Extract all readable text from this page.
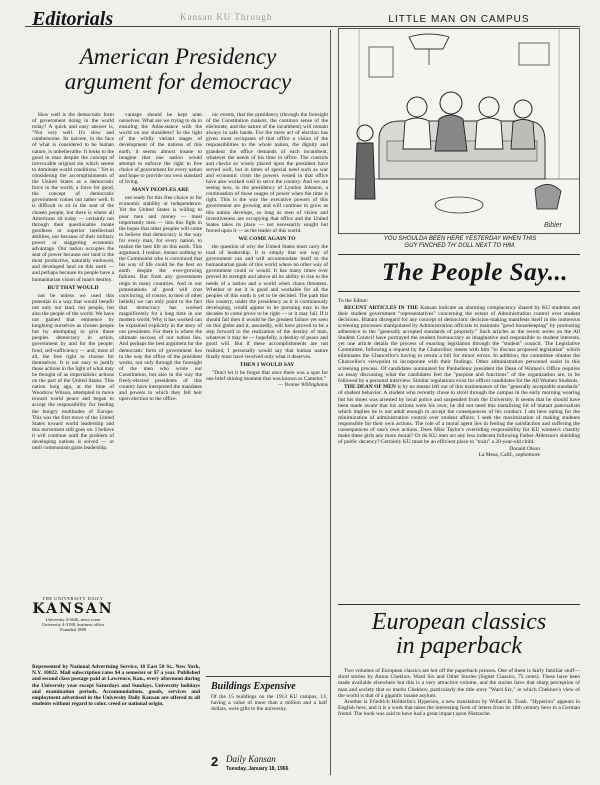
Editorials	Kansan KU Through
American Presidency
argument for democracy

How well is the democratic form of government doing in the world today? A quick and easy answer is, "Not very well. It's slow and cumbersome. Its naivete, in the face of what is considered to be human nature, is unbelievable. It looks to the good in man despite the concept of irrevocable original sin which seems to dominate world conditions." Yet in considering the accomplishments of the United States as a democratic force in the world, a force for good, the concept of democratic government comes out rather well. It is difficult to sit in the seat of the chosen people, but there is where all Americans sit today — certainly not through their questionable innate goodness or superior intellectual abilities, nor because of their military power or staggering economic advantage. Our nation occupies the seat of power because our land is the most productive, naturally endowed, and developed land on this earth — and perhaps because its people have a humanitarian vision of man's destiny.

BUT THAT WOULD

not be unless we used this potential in a way that would benefit not only our land, our people, but also the people of the world. We have not gained that eminence by knighting ourselves as chosen people but by attempting to give those peoples democracy in action, government by and for the people: food, self-sufficiency — and, most of all, the free right to choose for themselves. It is not easy to justify those actions in the light of what may be thought of as imperialistic actions on the part of the United States. This nation long ago, at the time of Woodrow Wilson, attempted to move toward world peace and began to accept the responsibility for feeding the hungry multitudes of Europe. This was the first move of the United States toward world leadership and this movement still goes on. I believe it will continue until the problem of developing nations is solved — or until communism gains leadership.

vantage should be kept unto ourselves. What are we trying to do in ensuring the Atlas-stance with the world on our shoulders? In the light of the wildly variant stages of development of the nations of this earth, it seems almost insane to imagine that one nation would attempt to enforce the right to free choice of government for every nation and hope to provide our own standard of living.

MANY PEOPLES ARE

not ready for this free choice or for economic stability or independence. Yet the United States is willing to pour men and money — most importantly men — into this fight in the hopes that other peoples will come to believe that democracy is the way for every man, for every nation, to realize the best life on this earth. This argument, I realize, means nothing to the Communist who is convinced that his way of life could be the best on earth despite the ever-growing failures. But from any government reign in many countries. And in our protestations of good will (not convincing, of course, to men of other beliefs) we can only point to the fact that democracy has worked magnificently for a long time in our modern world. Why it has worked can be explained explicitly in the story of our presidents. For there is where the ultimate success of our nation lies. And perhaps the best argument for the democratic form of government lies in the way the office of the president works, not only through the foresight of the men who wrote our Constitution, but also in the way the freely-elected presidents of this country have interpreted the mandates and powers to which they fell heir upon election to the office.

nic events, that the presidency (through the foresight of the Constitution makers, the common sense of the electorate, and the nature of the incumbent) will remain always in safe hands. For the mere act of election has given most occupants of that office a vision of the responsibilities to the whole nation, the dignity and grandeur the office demands of each incumbent, whatever the needs of his time in office. The controls and checks so wisely placed upon the president have served well, but in times of special need such as war and economic crisis the powers vested in that office have also worked well to serve the country. And we are seeing now, in the presidency of Lyndon Johnson, a continuation of those usages of power when the time is right. This is the way the executive powers of this government are growing and will continue to grow as this nation develops, so long as men of vision and inventiveness are occupying that office and the United States takes its place — not necessarily sought but forced upon it — as the leader of this world.

WE COME AGAIN TO

the question of why the United States must carry the load of leadership. It is simply that our way of government can and will accommodate itself to the humanitarian goals of this world where no other way of government could or would. It has many times over proved its strength and above all its ability to rise to the needs of a nation and a world when chaos threatens. Whether or not it is good and workable for all the peoples of this earth is yet to be decided. The path that this country, under the presidency as it is continuously developing, would appear to be pursuing may in the decades to come prove to be right — or it may fail. If it should fail then it would be the greatest failure yet seen on this globe and it, assuredly, will have proved to be a step forward to the realization of the destiny of man, whatever it may be — hopefully, a destiny of peace and good will. But if these accomplishments are not realized, I personally would say that human nature finally must have received only what it deserves.

THEN I WOULD SAY

"Don't let it be forgot that once there was a spot for one brief shining moment that was known as Camelot."

— Yvonne Willinghams
THE UNIVERSITY DAILY
KANSAN
University 4-3646, news room
University 4-3188, business office
Founded 1889
Represented by National Advertising Service, 18 East 50 St., New York, N.Y. 10022. Mail subscription rates $4 a semester or $7 a year. Published and second class postage paid at Lawrence, Kan., every afternoon during the University year except Saturdays and Sundays, University holidays and examination periods. Accommodations, goods, services and employment advertised in the University Daily Kansan are offered to all students without regard to color, creed or national origin.
Buildings Expensive
Of the 15 buildings on the 1913 KU campus, 13, having a value of more than a million and a half dollars, were gifts to the university.
2 Daily Kansan
Tuesday, January 18, 1966
LITTLE MAN ON CAMPUS
Bibler
YOU SHOULDA BEEN HERE YESTERDAY WHEN THIS
GUY FINCHED TH' DOLL NEXT TO HIM.
The People Say...

To the Editor:

RECENT ARTICLES IN THE Kansan indicate an alarming complacency shared by KU students and their student government "representatives" concerning the extent of Administration control over student decisions. Blatant disregard for any concept of democratic decision-making manifests itself in the numerous screening processes manipulated by Administration officials to maintain "good housekeeping" by promoting adherence to the "generally accepted standards of propriety." Such articles as the recent series on the All Student Council have portrayed the student bureaucracy as imaginative and responsible to student interests, yet one article details the process of enacting legislation through the "student" council. The Legislative Committee, following a request by the Chancellor, meets with him "to discuss proposed legislation" which eliminates the Chancellor's having to return a bill for minor errors. In addition, the committee obtains the Chancellor's viewpoint to incorporate with their findings. Other administration personnel assist in this screening process. Of candidates nominated for Panhellenic president the Dean of Women's Office requires an essay discussing what the candidates feel the "purpose and functions" of the organization are, to be followed by a personal interview. Similar regulations exist for officer candidates for the All Women Students.

THE DEAN OF MEN is by no means left out of this maintenance of the "generally acceptable standards" of student behavior. A student who recently chose to stroll through the campus in the early morning wearing but his shoes was arrested by local police and suspended from the University. It seems that he should have been made aware that his actions were his own; he did not need this tantalizing bit of blatant paternalism which implies he is not adult enough to accept the consequences of his conduct. I am here opting for the minimization of administration control over student affairs; I seek the maximization of making students responsible for their own actions. The role of a moral agent lies in feeling the satisfaction and suffering the consequences of one's own actions. Does Miss Taylor's overriding responsibility for KU women's chastity make these girls any more moral? Or do KU men act any less indecent following Father Alderson's shielding of public decency? Certainly KU must be an efficient place to "train" a 20-year-old child.

Donald Olson
La Mesa, Calif., sophomore
European classics
in paperback

Two volumes of European classics are hot off the paperback presses. One of them is fairly familiar stuff—short stories by Anton Chekhov. Ward Six and Other Stories (Signet Classics, 75 cents). These have been made available elsewhere but this is a very attractive volume, and the stories have that sharp perception of man and society that so marks Chekhov, particularly the title story "Ward Six," in which Chekhov's view of the world is that of a gigantic insane asylum.

Another is Friedrich Holderlin's Hyperion, a new translation by Willard R. Trask. "Hyperion" appears in English here, and it is a work that takes the interesting form of letters from its 18th century hero to a German friend. The book was said to have had a great impact upon Nietzsche.
